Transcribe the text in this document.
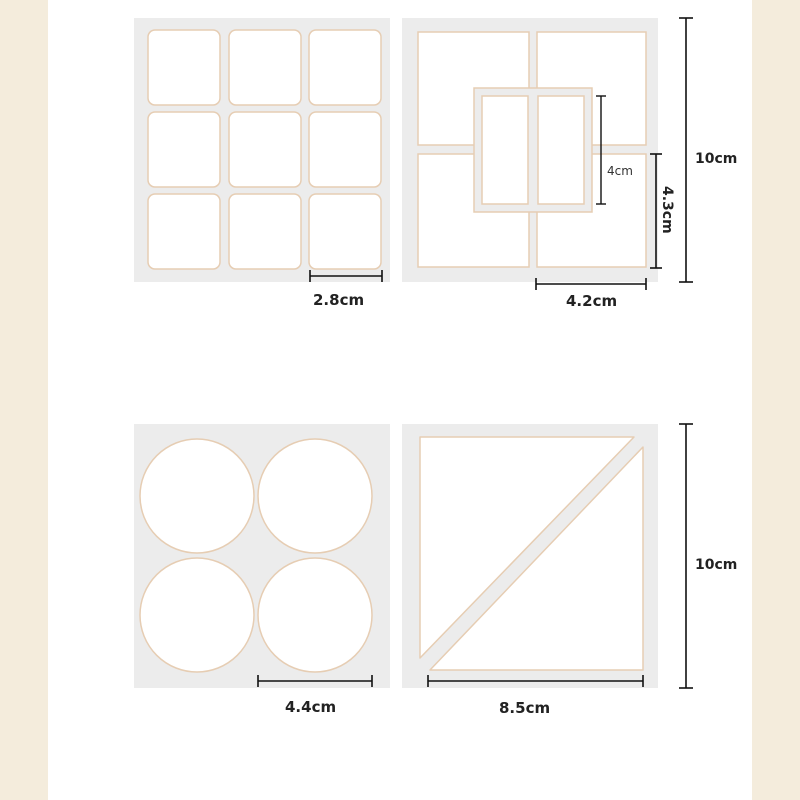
2.8cm	4.2cm
4.3cm
4cm
10cm
4.4cm	8.5cm
10cm
